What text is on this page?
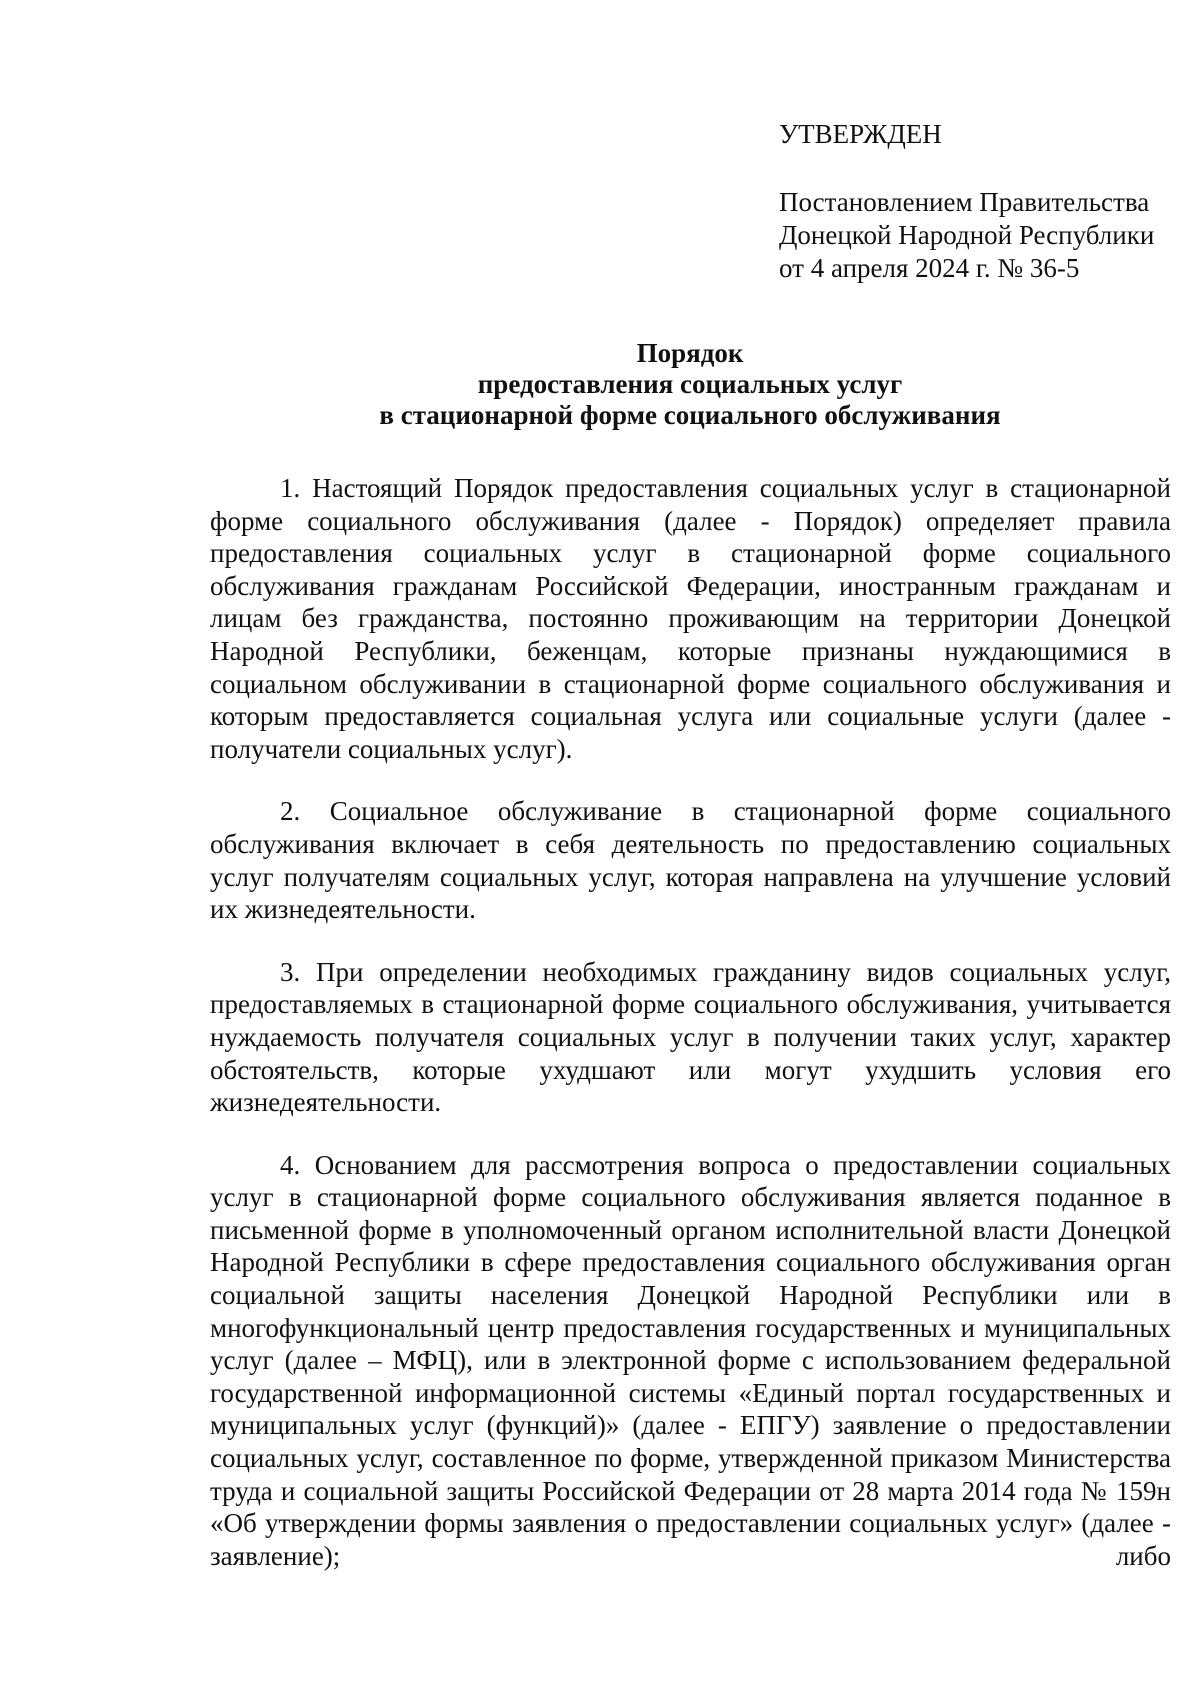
УТВЕРЖДЕН

Постановлением Правительства
Донецкой Народной Республики
от 4 апреля 2024 г. № 36-5

Порядок
предоставления социальных услуг
в стационарной форме социального обслуживания

1. Настоящий Порядок предоставления социальных услуг в стационарной форме социального обслуживания (далее - Порядок) определяет правила предоставления социальных услуг в стационарной форме социального обслуживания гражданам Российской Федерации, иностранным гражданам и лицам без гражданства, постоянно проживающим на территории Донецкой Народной Республики, беженцам, которые признаны нуждающимися в социальном обслуживании в стационарной форме социального обслуживания и которым предоставляется социальная услуга или социальные услуги (далее - получатели социальных услуг).

2. Социальное обслуживание в стационарной форме социального обслуживания включает в себя деятельность по предоставлению социальных услуг получателям социальных услуг, которая направлена на улучшение условий их жизнедеятельности.

3. При определении необходимых гражданину видов социальных услуг, предоставляемых в стационарной форме социального обслуживания, учитывается нуждаемость получателя социальных услуг в получении таких услуг, характер обстоятельств, которые ухудшают или могут ухудшить условия его жизнедеятельности.

4. Основанием для рассмотрения вопроса о предоставлении социальных услуг в стационарной форме социального обслуживания является поданное в письменной форме в уполномоченный органом исполнительной власти Донецкой Народной Республики в сфере предоставления социального обслуживания орган социальной защиты населения Донецкой Народной Республики или в многофункциональный центр предоставления государственных и муниципальных услуг (далее – МФЦ), или в электронной форме с использованием федеральной государственной информационной системы «Единый портал государственных и муниципальных услуг (функций)» (далее - ЕПГУ) заявление о предоставлении социальных услуг, составленное по форме, утвержденной приказом Министерства труда и социальной защиты Российской Федерации от 28 марта 2014 года № 159н «Об утверждении формы заявления о предоставлении социальных услуг» (далее - заявление); либо
